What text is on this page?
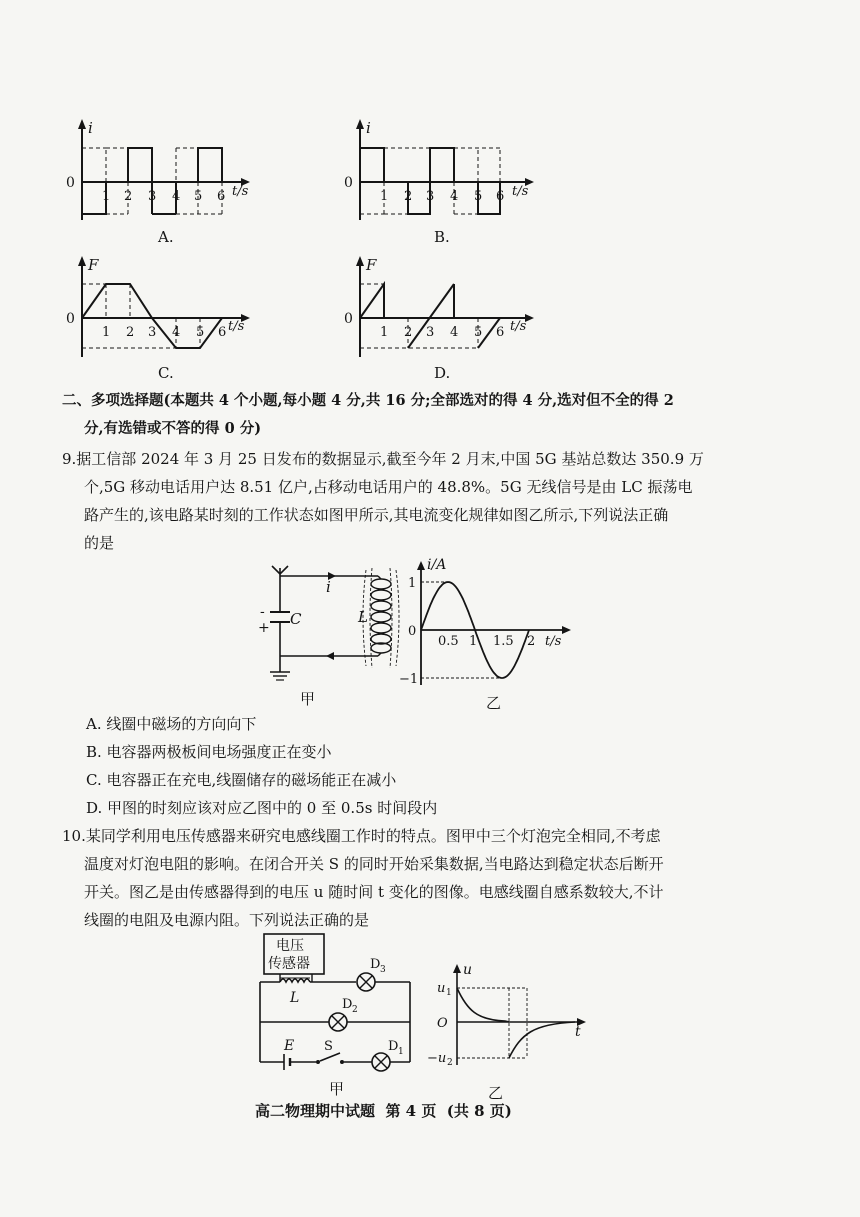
i
0
1 2 3 4 5 6 t/s
A.
i
0
1 2 3 4 5 6 t/s
B.
F
0
1 2 3 4 5 6 t/s
C.
F
0
1 2 3 4 5 6 t/s
D.
二、多项选择题(本题共 4 个小题,每小题 4 分,共 16 分;全部选对的得 4 分,选对但不全的得 2
分,有选错或不答的得 0 分)
9.据工信部 2024 年 3 月 25 日发布的数据显示,截至今年 2 月末,中国 5G 基站总数达 350.9 万
个,5G 移动电话用户达 8.51 亿户,占移动电话用户的 48.8%。5G 无线信号是由 LC 振荡电
路产生的,该电路某时刻的工作状态如图甲所示,其电流变化规律如图乙所示,下列说法正确
的是
i
C	L
-
+
甲
i/A
1
0
−1
0.5 1 1.5 2 t/s
乙
A. 线圈中磁场的方向向下
B. 电容器两极板间电场强度正在变小
C. 电容器正在充电,线圈储存的磁场能正在减小
D. 甲图的时刻应该对应乙图中的 0 至 0.5s 时间段内
10.某同学利用电压传感器来研究电感线圈工作时的特点。图甲中三个灯泡完全相同,不考虑
温度对灯泡电阻的影响。在闭合开关 S 的同时开始采集数据,当电路达到稳定状态后断开
开关。图乙是由传感器得到的电压 u 随时间 t 变化的图像。电感线圈自感系数较大,不计
线圈的电阻及电源内阻。下列说法正确的是
电压
传感器
L
D 3
D 2
E S	D 1
甲
u
u 1
O
−u 2
t
乙
高二物理期中试题  第 4 页  (共 8 页)
